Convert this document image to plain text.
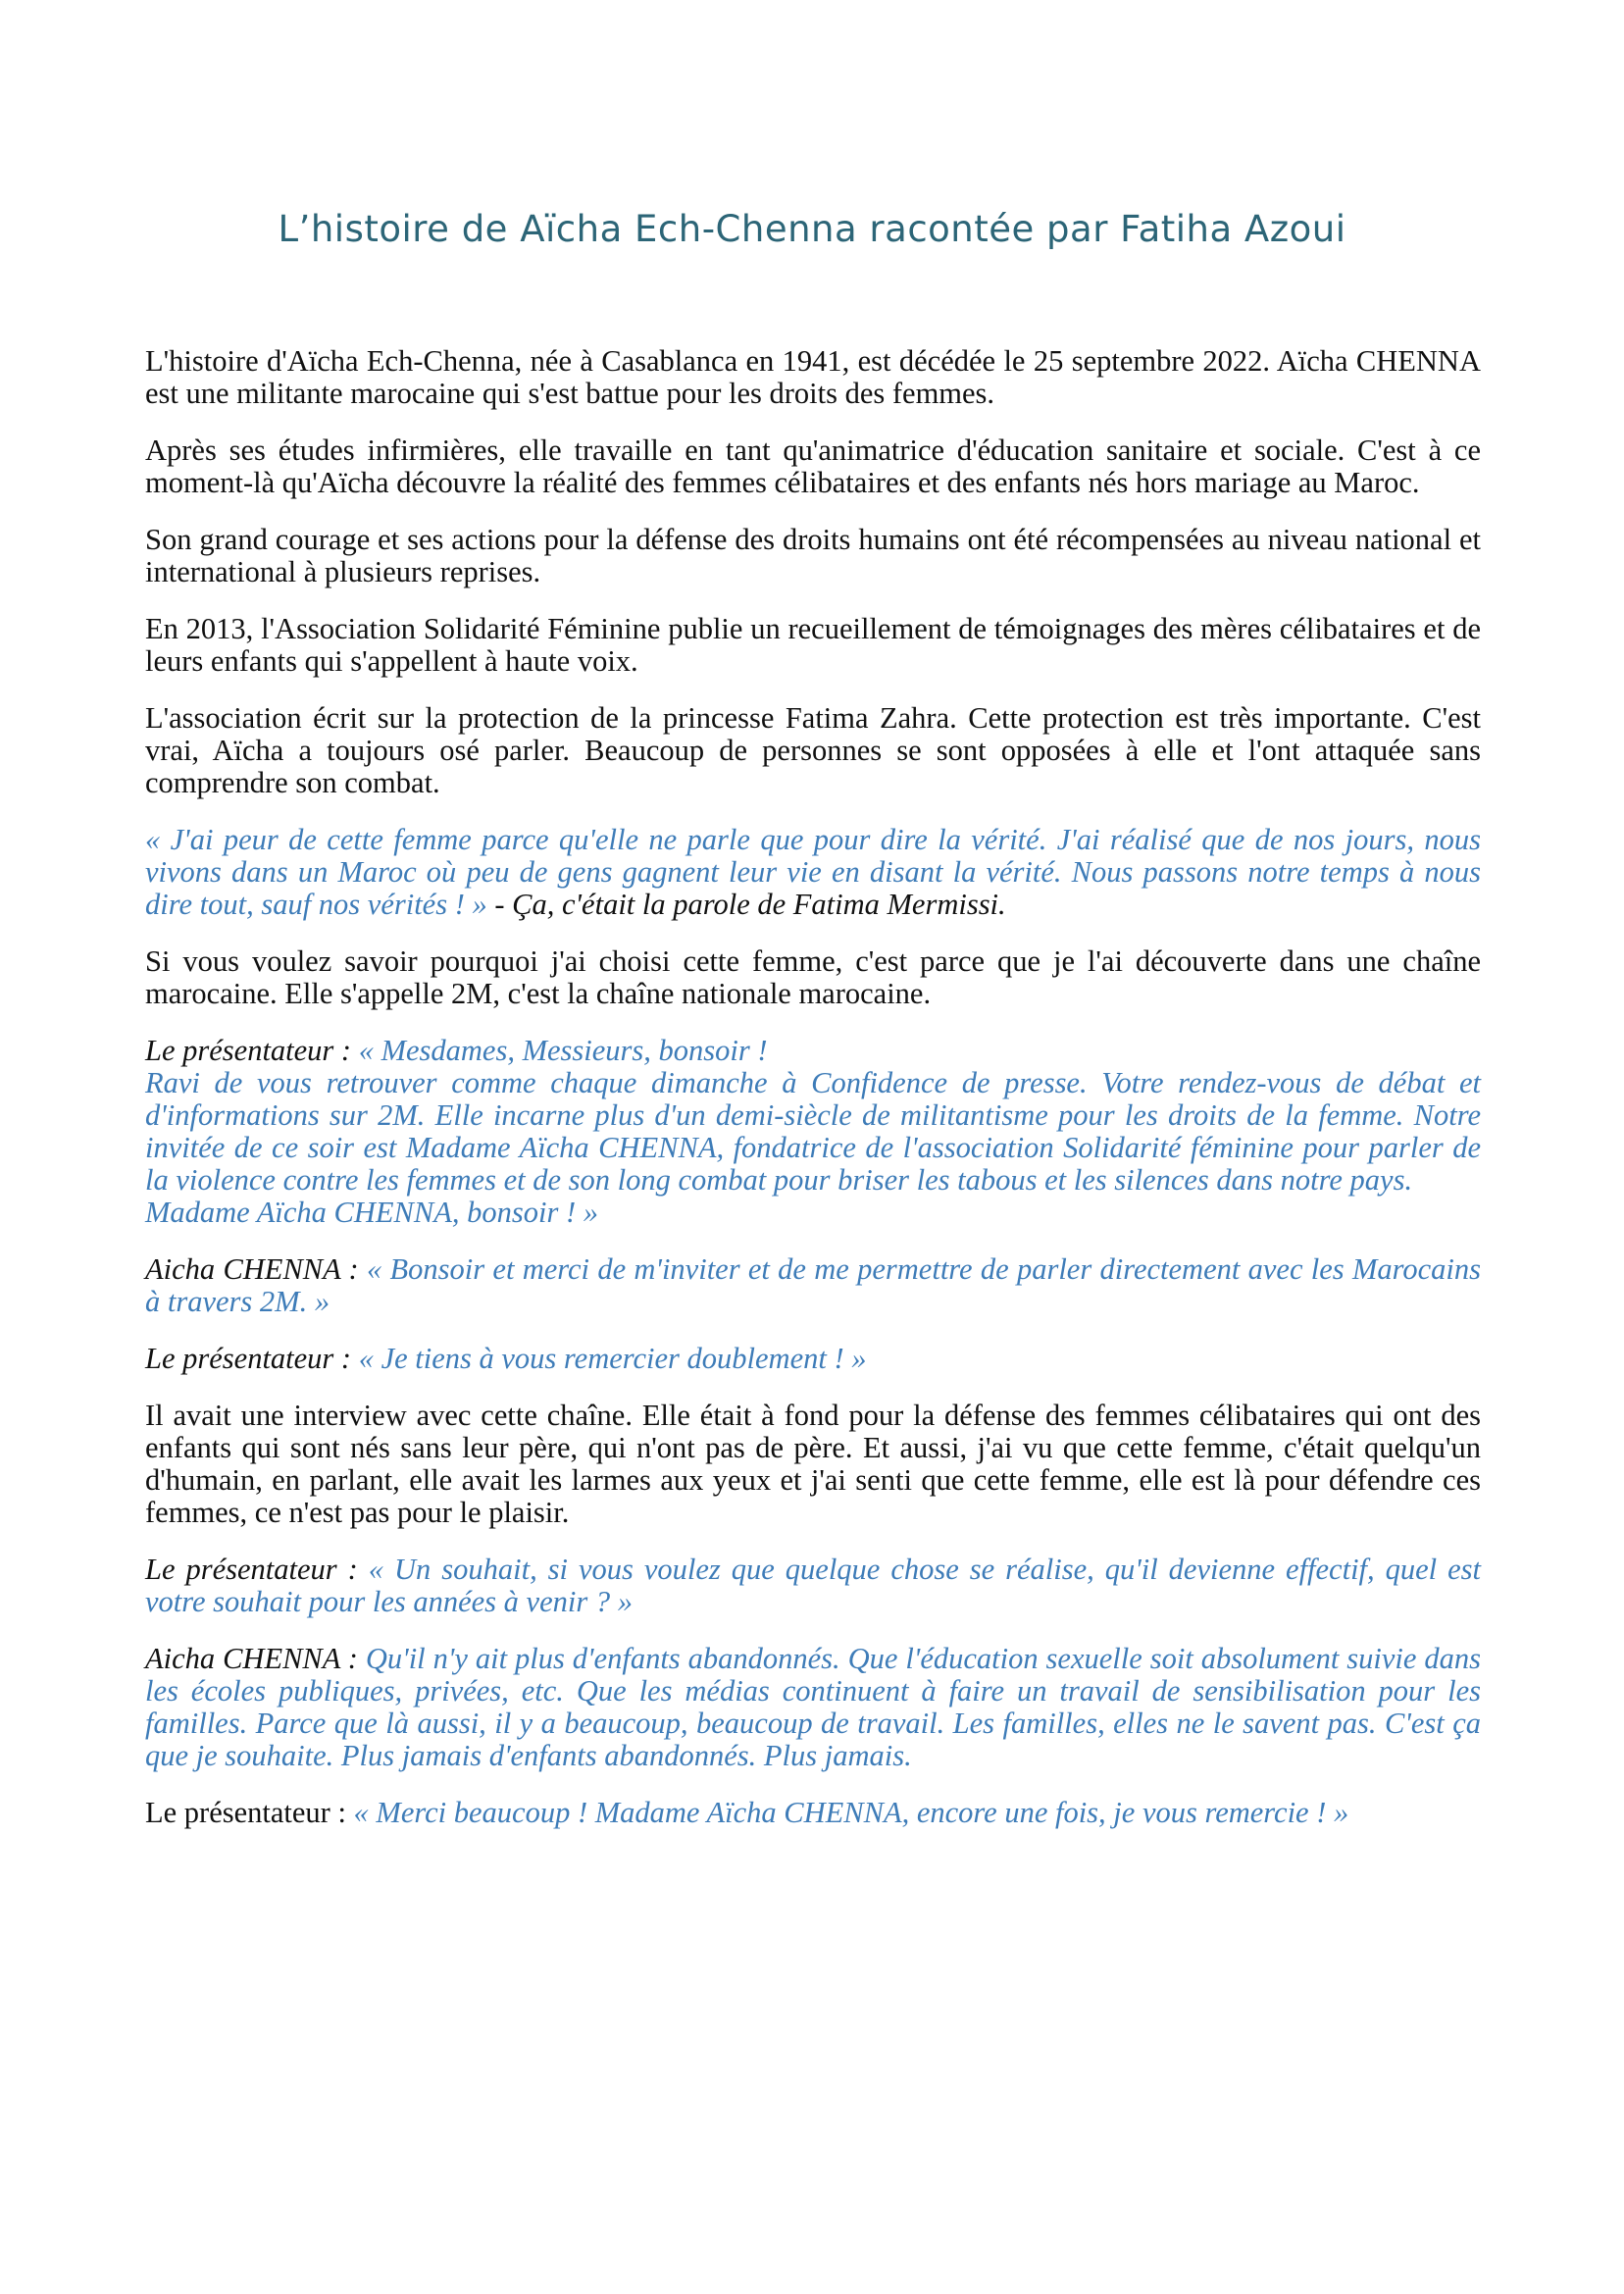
L’histoire de Aïcha Ech-Chenna racontée par Fatiha Azoui

L'histoire d'Aïcha Ech-Chenna, née à Casablanca en 1941, est décédée le 25 septembre 2022. Aïcha CHENNA est une militante marocaine qui s'est battue pour les droits des femmes.

Après ses études infirmières, elle travaille en tant qu'animatrice d'éducation sanitaire et sociale. C'est à ce moment-là qu'Aïcha découvre la réalité des femmes célibataires et des enfants nés hors mariage au Maroc.

Son grand courage et ses actions pour la défense des droits humains ont été récompensées au niveau national et international à plusieurs reprises.

En 2013, l'Association Solidarité Féminine publie un recueillement de témoignages des mères célibataires et de leurs enfants qui s'appellent à haute voix.

L'association écrit sur la protection de la princesse Fatima Zahra. Cette protection est très importante. C'est vrai, Aïcha a toujours osé parler. Beaucoup de personnes se sont opposées à elle et l'ont attaquée sans comprendre son combat.

« J'ai peur de cette femme parce qu'elle ne parle que pour dire la vérité. J'ai réalisé que de nos jours, nous vivons dans un Maroc où peu de gens gagnent leur vie en disant la vérité. Nous passons notre temps à nous dire tout, sauf nos vérités ! » - Ça, c'était la parole de Fatima Mermissi.

Si vous voulez savoir pourquoi j'ai choisi cette femme, c'est parce que je l'ai découverte dans une chaîne marocaine. Elle s'appelle 2M, c'est la chaîne nationale marocaine.

Le présentateur : « Mesdames, Messieurs, bonsoir !
Ravi de vous retrouver comme chaque dimanche à Confidence de presse. Votre rendez-vous de débat et d'informations sur 2M. Elle incarne plus d'un demi-siècle de militantisme pour les droits de la femme. Notre invitée de ce soir est Madame Aïcha CHENNA, fondatrice de l'association Solidarité féminine pour parler de la violence contre les femmes et de son long combat pour briser les tabous et les silences dans notre pays.
Madame Aïcha CHENNA, bonsoir ! »

Aicha CHENNA : « Bonsoir et merci de m'inviter et de me permettre de parler directement avec les Marocains à travers 2M. »

Le présentateur : « Je tiens à vous remercier doublement ! »

Il avait une interview avec cette chaîne. Elle était à fond pour la défense des femmes célibataires qui ont des enfants qui sont nés sans leur père, qui n'ont pas de père. Et aussi, j'ai vu que cette femme, c'était quelqu'un d'humain, en parlant, elle avait les larmes aux yeux et j'ai senti que cette femme, elle est là pour défendre ces femmes, ce n'est pas pour le plaisir.

Le présentateur : « Un souhait, si vous voulez que quelque chose se réalise, qu'il devienne effectif, quel est votre souhait pour les années à venir ? »

Aicha CHENNA : Qu'il n'y ait plus d'enfants abandonnés. Que l'éducation sexuelle soit absolument suivie dans les écoles publiques, privées, etc. Que les médias continuent à faire un travail de sensibilisation pour les familles. Parce que là aussi, il y a beaucoup, beaucoup de travail. Les familles, elles ne le savent pas. C'est ça que je souhaite. Plus jamais d'enfants abandonnés. Plus jamais.

Le présentateur : « Merci beaucoup ! Madame Aïcha CHENNA, encore une fois, je vous remercie ! »
